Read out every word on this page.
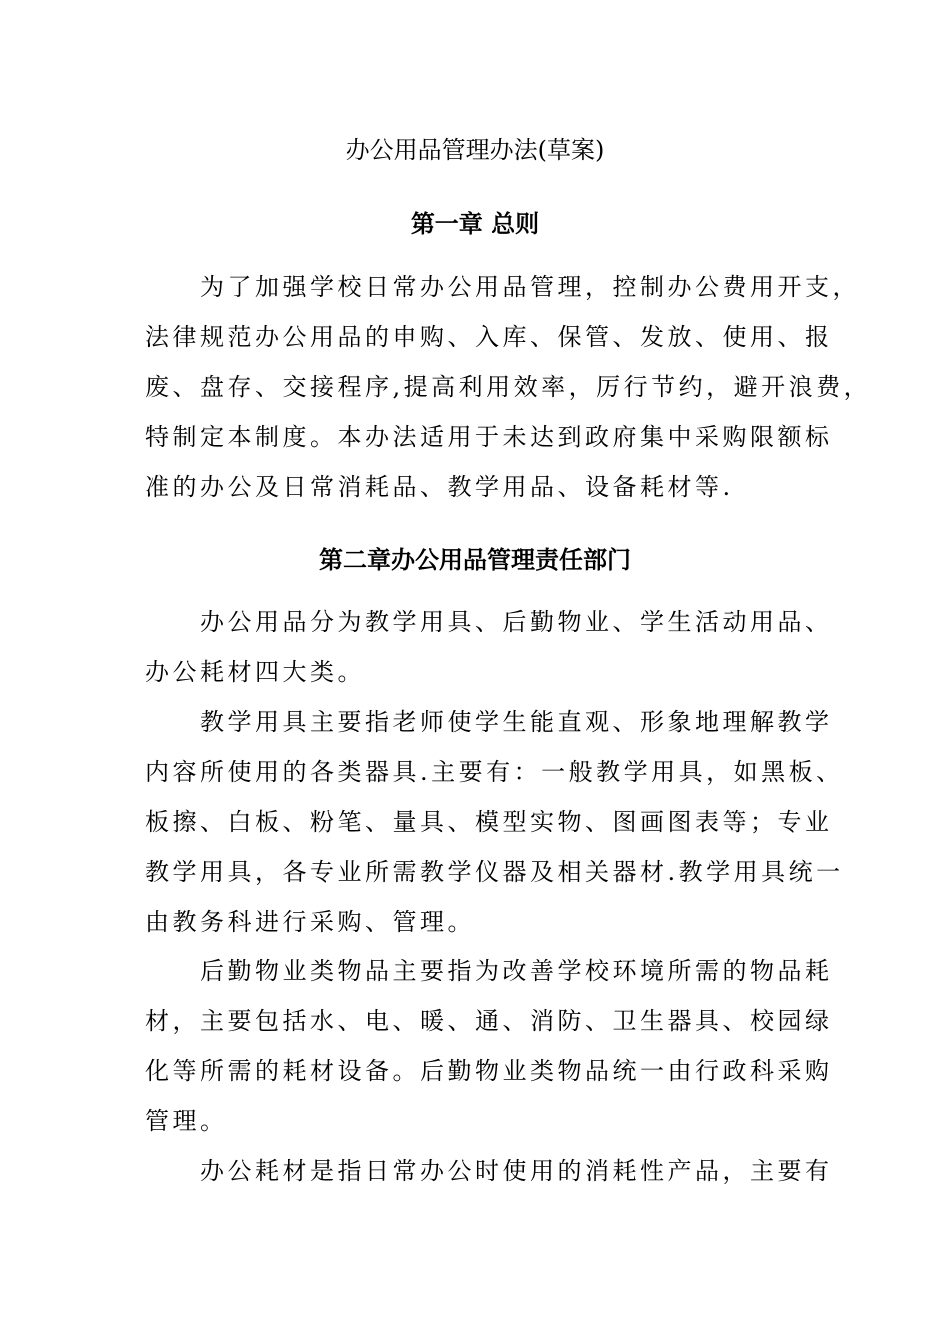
办公用品管理办法(草案)
第一章 总则
　　为了加强学校日常办公用品管理，控制办公费用开支，
法律规范办公用品的申购、入库、保管、发放、使用、报
废、盘存、交接程序,提高利用效率，厉行节约，避开浪费，
特制定本制度。本办法适用于未达到政府集中采购限额标
准的办公及日常消耗品、教学用品、设备耗材等.
第二章办公用品管理责任部门
　　办公用品分为教学用具、后勤物业、学生活动用品、
办公耗材四大类。
　　教学用具主要指老师使学生能直观、形象地理解教学
内容所使用的各类器具.主要有：一般教学用具，如黑板、
板擦、白板、粉笔、量具、模型实物、图画图表等；专业
教学用具，各专业所需教学仪器及相关器材.教学用具统一
由教务科进行采购、管理。
　　后勤物业类物品主要指为改善学校环境所需的物品耗
材，主要包括水、电、暖、通、消防、卫生器具、校园绿
化等所需的耗材设备。后勤物业类物品统一由行政科采购
管理。
　　办公耗材是指日常办公时使用的消耗性产品，主要有
